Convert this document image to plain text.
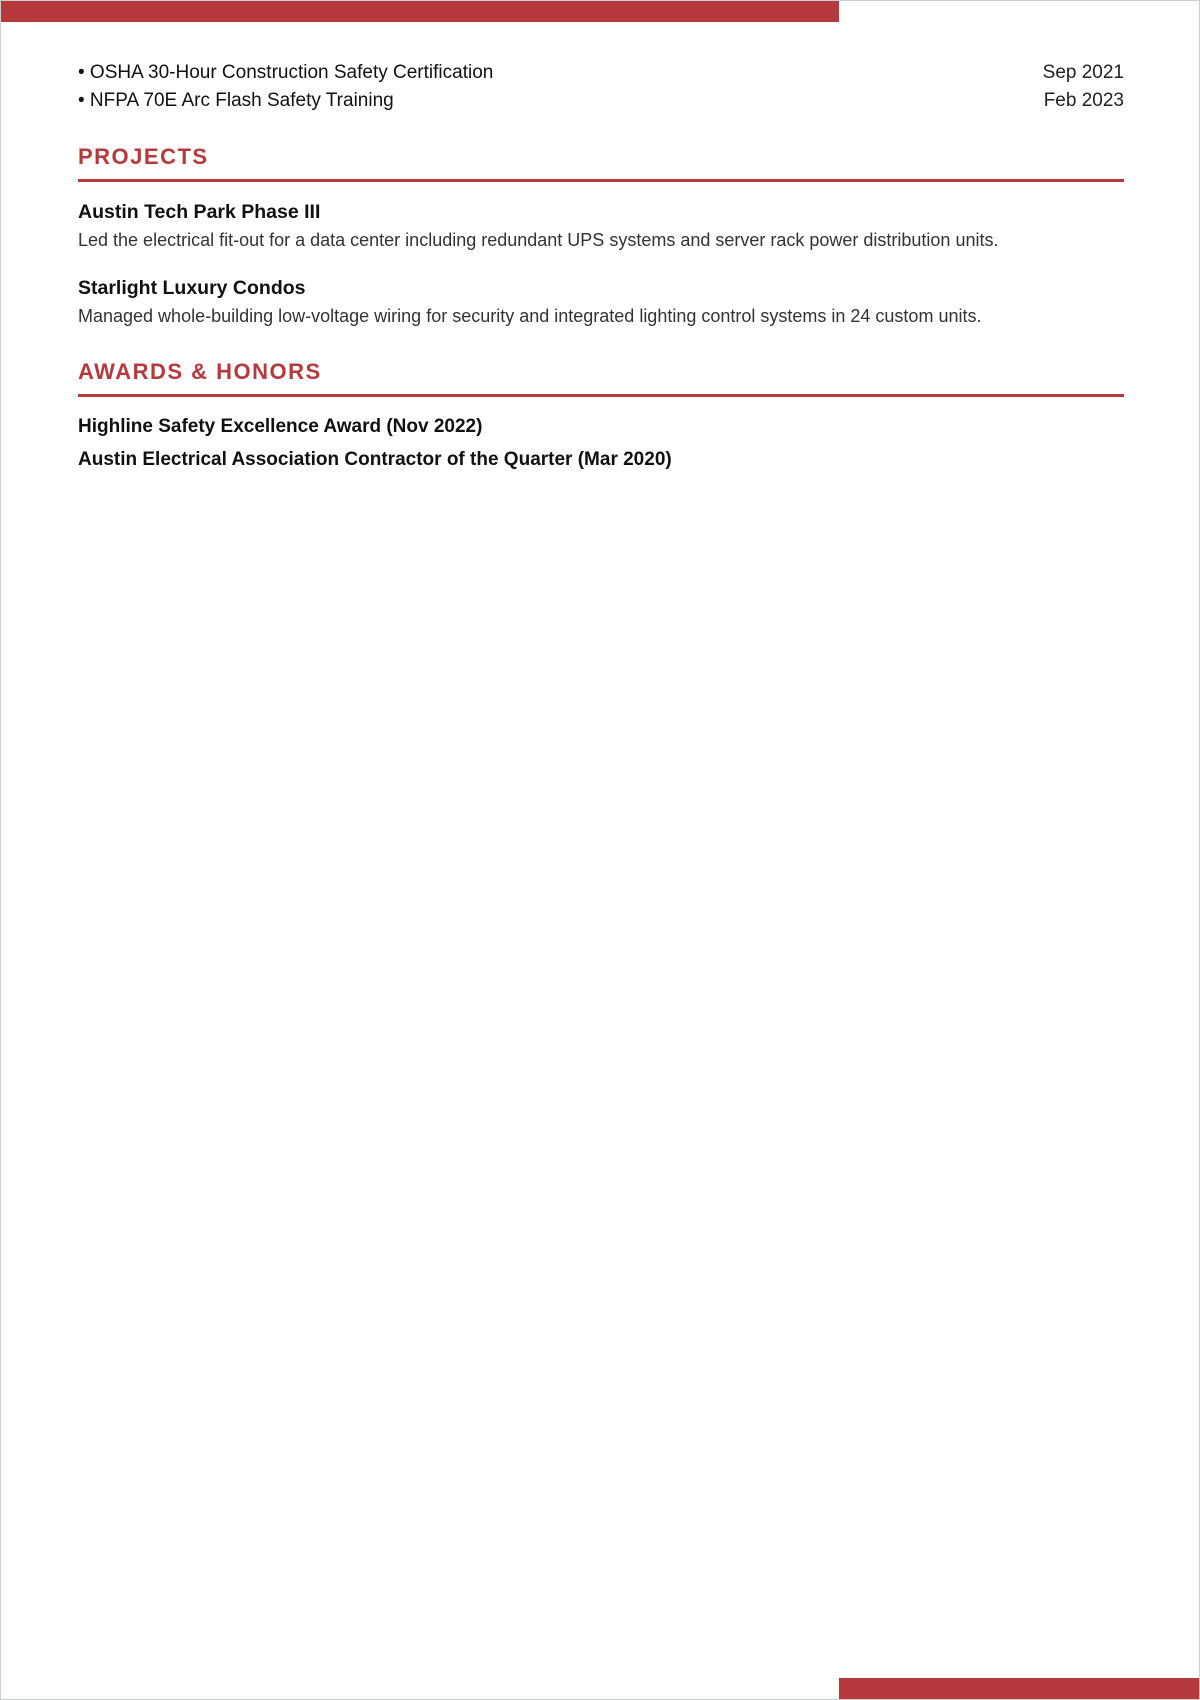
• OSHA 30-Hour Construction Safety Certification	Sep 2021
• NFPA 70E Arc Flash Safety Training	Feb 2023
PROJECTS
Austin Tech Park Phase III
Led the electrical fit-out for a data center including redundant UPS systems and server rack power distribution units.
Starlight Luxury Condos
Managed whole-building low-voltage wiring for security and integrated lighting control systems in 24 custom units.
AWARDS & HONORS
Highline Safety Excellence Award (Nov 2022)
Austin Electrical Association Contractor of the Quarter (Mar 2020)
